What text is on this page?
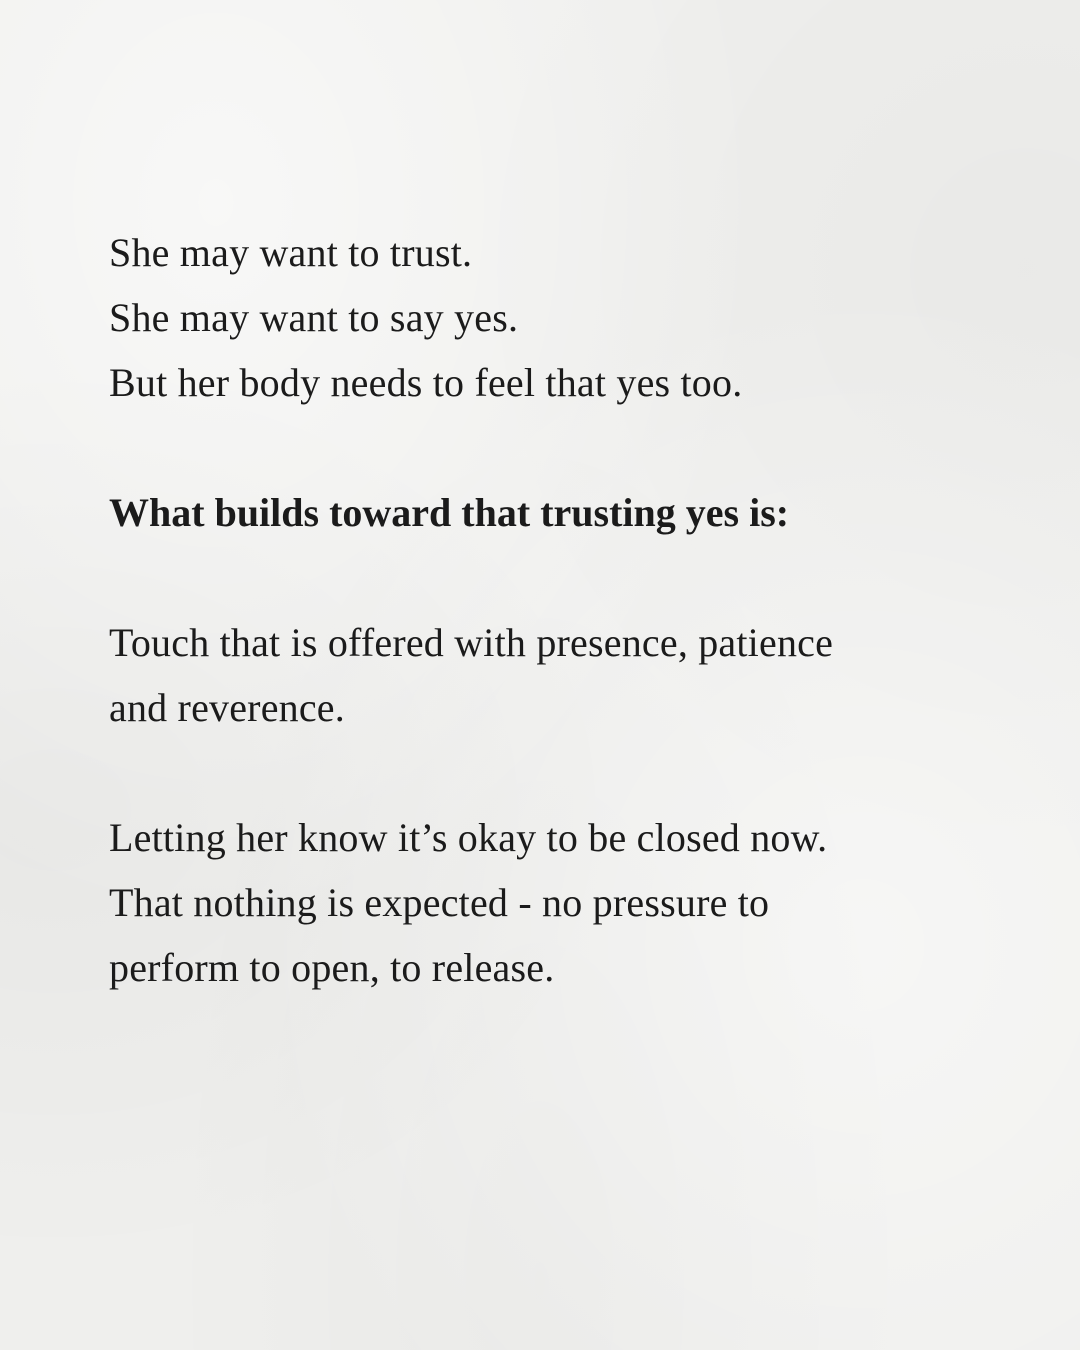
She may want to trust.
She may want to say yes.
But her body needs to feel that yes too.

What builds toward that trusting yes is:

Touch that is offered with presence, patience
and reverence.

Letting her know it’s okay to be closed now.
That nothing is expected - no pressure to
perform to open, to release.
